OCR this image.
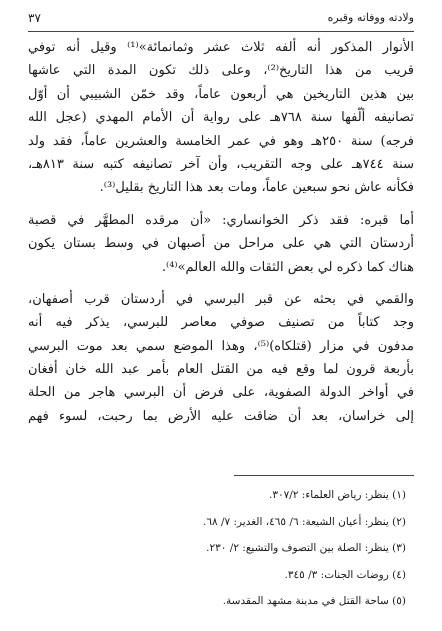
ولادته ووفاته وقبره
٣٧
الأنوار المذكور أنه ألفه ثلاث عشر وثمانمائة»⁽¹⁾ وقيل أنه توفي
قريب من هذا التاريخ⁽²⁾، وعلى ذلك تكون المدة التي عاشها
بين هذين التاريخين هي أربعون عاماً، وقد خمّن الشبيبي أن أوّل
تصانيفه ألّفها سنة ٧٦٨هـ على رواية أن الأمام المهدي (عجل الله
فرجه) سنة ٢٥٠هـ وهو في عمر الخامسة والعشرين عاماً، فقد ولد
سنة ٧٤٤هـ على وجه التقريب، وأن آخر تصانيفه كتبه سنة ٨١٣هـ،
فكأنه عاش نحو سبعين عاماً، ومات بعد هذا التاريخ بقليل⁽³⁾.
أما قبره: فقد ذكر الخوانساري: «أن مرقده المطهَّر في قصبة
أردستان التي هي على مراحل من أصبهان في وسط بستان يكون
هناك كما ذكره لي بعض الثقات والله العالم»⁽⁴⁾.
والقمي في بحثه عن قبر البرسي في أردستان قرب أصفهان،
وجد كتاباً من تصنيف صوفي معاصر للبرسي، يذكر فيه أنه
مدفون في مزار (قتلكاه)⁽⁵⁾، وهذا الموضع سمي بعد موت البرسي
بأربعة قرون لما وقع فيه من القتل العام بأمر عبد الله خان أفغان
في أواخر الدولة الصفوية، على فرض أن البرسي هاجر من الحلة
إلى خراسان، بعد أن ضاقت عليه الأرض بما رحبت، لسوء فهم
(١) ينظر: رياض العلماء: ٣٠٧/٢.
(٢) ينظر: أعيان الشيعة: ٦/ ٤٦٥، الغدير: ٧/ ٦٨.
(٣) ينظر: الصلة بين التصوف والتشيع: ٢/ ٢٣٠.
(٤) روضات الجنات: ٣/ ٣٤٥.
(٥) ساحة القتل في مدينة مشهد المقدسة.
